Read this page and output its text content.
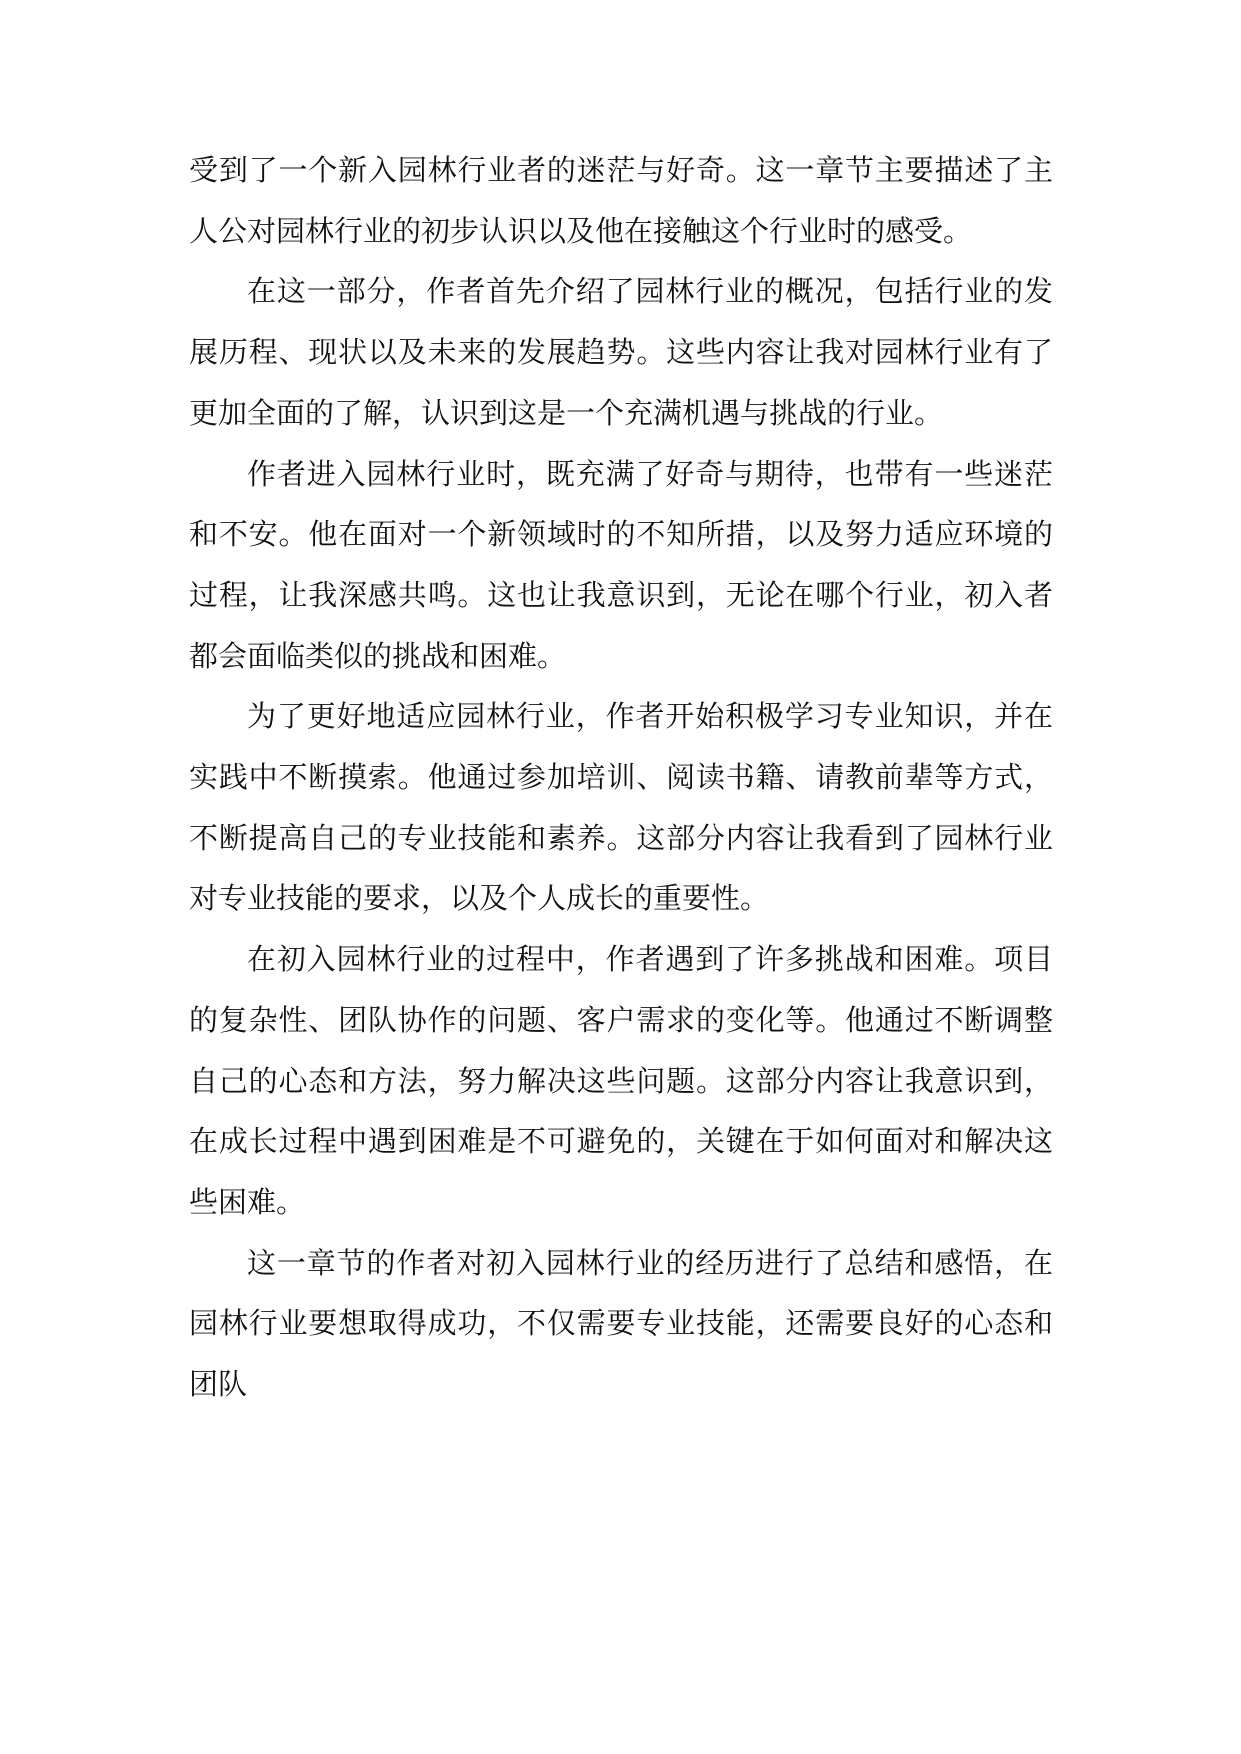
受到了一个新入园林行业者的迷茫与好奇。这一章节主要描述了主人公对园林行业的初步认识以及他在接触这个行业时的感受。

在这一部分，作者首先介绍了园林行业的概况，包括行业的发展历程、现状以及未来的发展趋势。这些内容让我对园林行业有了更加全面的了解，认识到这是一个充满机遇与挑战的行业。

作者进入园林行业时，既充满了好奇与期待，也带有一些迷茫和不安。他在面对一个新领域时的不知所措，以及努力适应环境的过程，让我深感共鸣。这也让我意识到，无论在哪个行业，初入者都会面临类似的挑战和困难。

为了更好地适应园林行业，作者开始积极学习专业知识，并在实践中不断摸索。他通过参加培训、阅读书籍、请教前辈等方式，不断提高自己的专业技能和素养。这部分内容让我看到了园林行业对专业技能的要求，以及个人成长的重要性。

在初入园林行业的过程中，作者遇到了许多挑战和困难。项目的复杂性、团队协作的问题、客户需求的变化等。他通过不断调整自己的心态和方法，努力解决这些问题。这部分内容让我意识到，在成长过程中遇到困难是不可避免的，关键在于如何面对和解决这些困难。

这一章节的作者对初入园林行业的经历进行了总结和感悟，在园林行业要想取得成功，不仅需要专业技能，还需要良好的心态和团队
